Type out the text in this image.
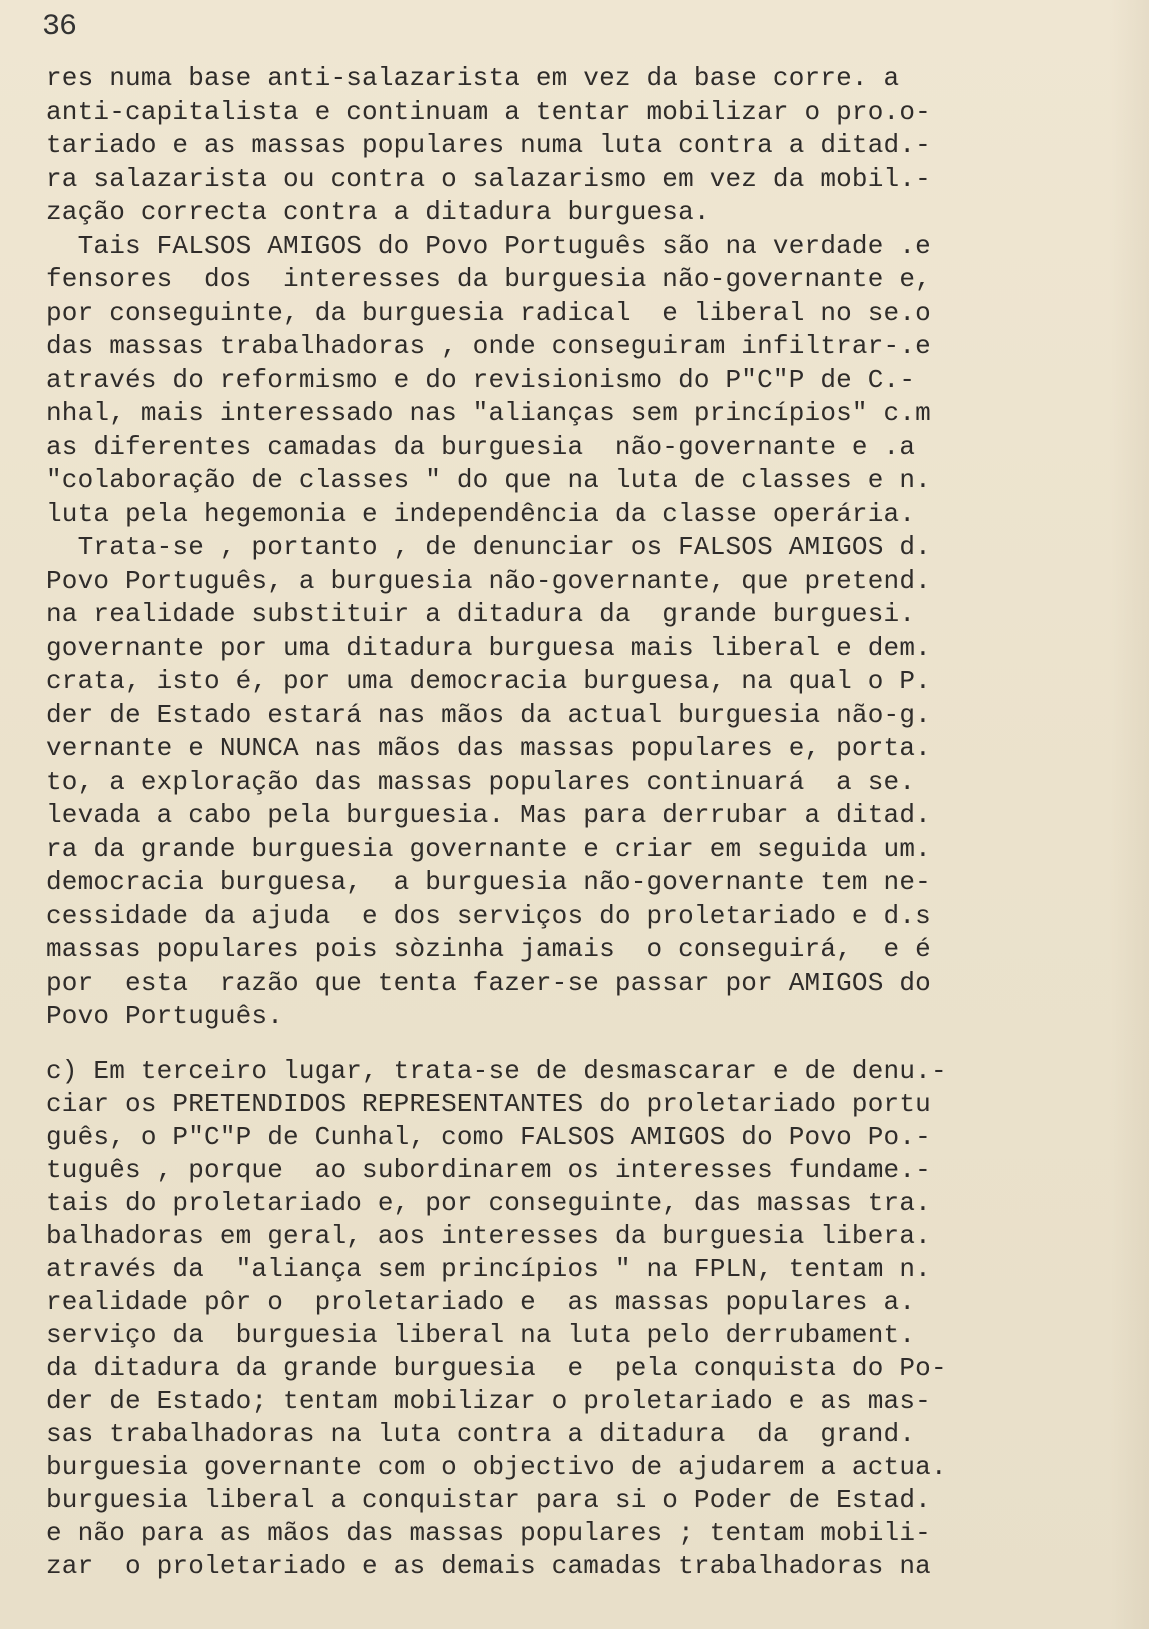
36
res numa base anti-salazarista em vez da base corre. a
anti-capitalista e continuam a tentar mobilizar o pro.o-
tariado e as massas populares numa luta contra a ditad.-
ra salazarista ou contra o salazarismo em vez da mobil.-
zação correcta contra a ditadura burguesa.
Tais FALSOS AMIGOS do Povo Português são na verdade .e
fensores  dos  interesses da burguesia não-governante e,
por conseguinte, da burguesia radical  e liberal no se.o
das massas trabalhadoras , onde conseguiram infiltrar-.e
através do reformismo e do revisionismo do P"C"P de C.-
nhal, mais interessado nas "alianças sem princípios" c.m
as diferentes camadas da burguesia  não-governante e .a
"colaboração de classes " do que na luta de classes e n.
luta pela hegemonia e independência da classe operária.
Trata-se , portanto , de denunciar os FALSOS AMIGOS d.
Povo Português, a burguesia não-governante, que pretend.
na realidade substituir a ditadura da  grande burguesi.
governante por uma ditadura burguesa mais liberal e dem.
crata, isto é, por uma democracia burguesa, na qual o P.
der de Estado estará nas mãos da actual burguesia não-g.
vernante e NUNCA nas mãos das massas populares e, porta.
to, a exploração das massas populares continuará  a se.
levada a cabo pela burguesia. Mas para derrubar a ditad.
ra da grande burguesia governante e criar em seguida um.
democracia burguesa,  a burguesia não-governante tem ne-
cessidade da ajuda  e dos serviços do proletariado e d.s
massas populares pois sòzinha jamais  o conseguirá,  e é
por  esta  razão que tenta fazer-se passar por AMIGOS do
Povo Português.
c) Em terceiro lugar, trata-se de desmascarar e de denu.-
ciar os PRETENDIDOS REPRESENTANTES do proletariado portu
guês, o P"C"P de Cunhal, como FALSOS AMIGOS do Povo Po.-
tuguês , porque  ao subordinarem os interesses fundame.-
tais do proletariado e, por conseguinte, das massas tra.
balhadoras em geral, aos interesses da burguesia libera.
através da  "aliança sem princípios " na FPLN, tentam n.
realidade pôr o  proletariado e  as massas populares a.
serviço da  burguesia liberal na luta pelo derrubament.
da ditadura da grande burguesia  e  pela conquista do Po-
der de Estado; tentam mobilizar o proletariado e as mas-
sas trabalhadoras na luta contra a ditadura  da  grand.
burguesia governante com o objectivo de ajudarem a actua.
burguesia liberal a conquistar para si o Poder de Estad.
e não para as mãos das massas populares ; tentam mobili-
zar  o proletariado e as demais camadas trabalhadoras na
